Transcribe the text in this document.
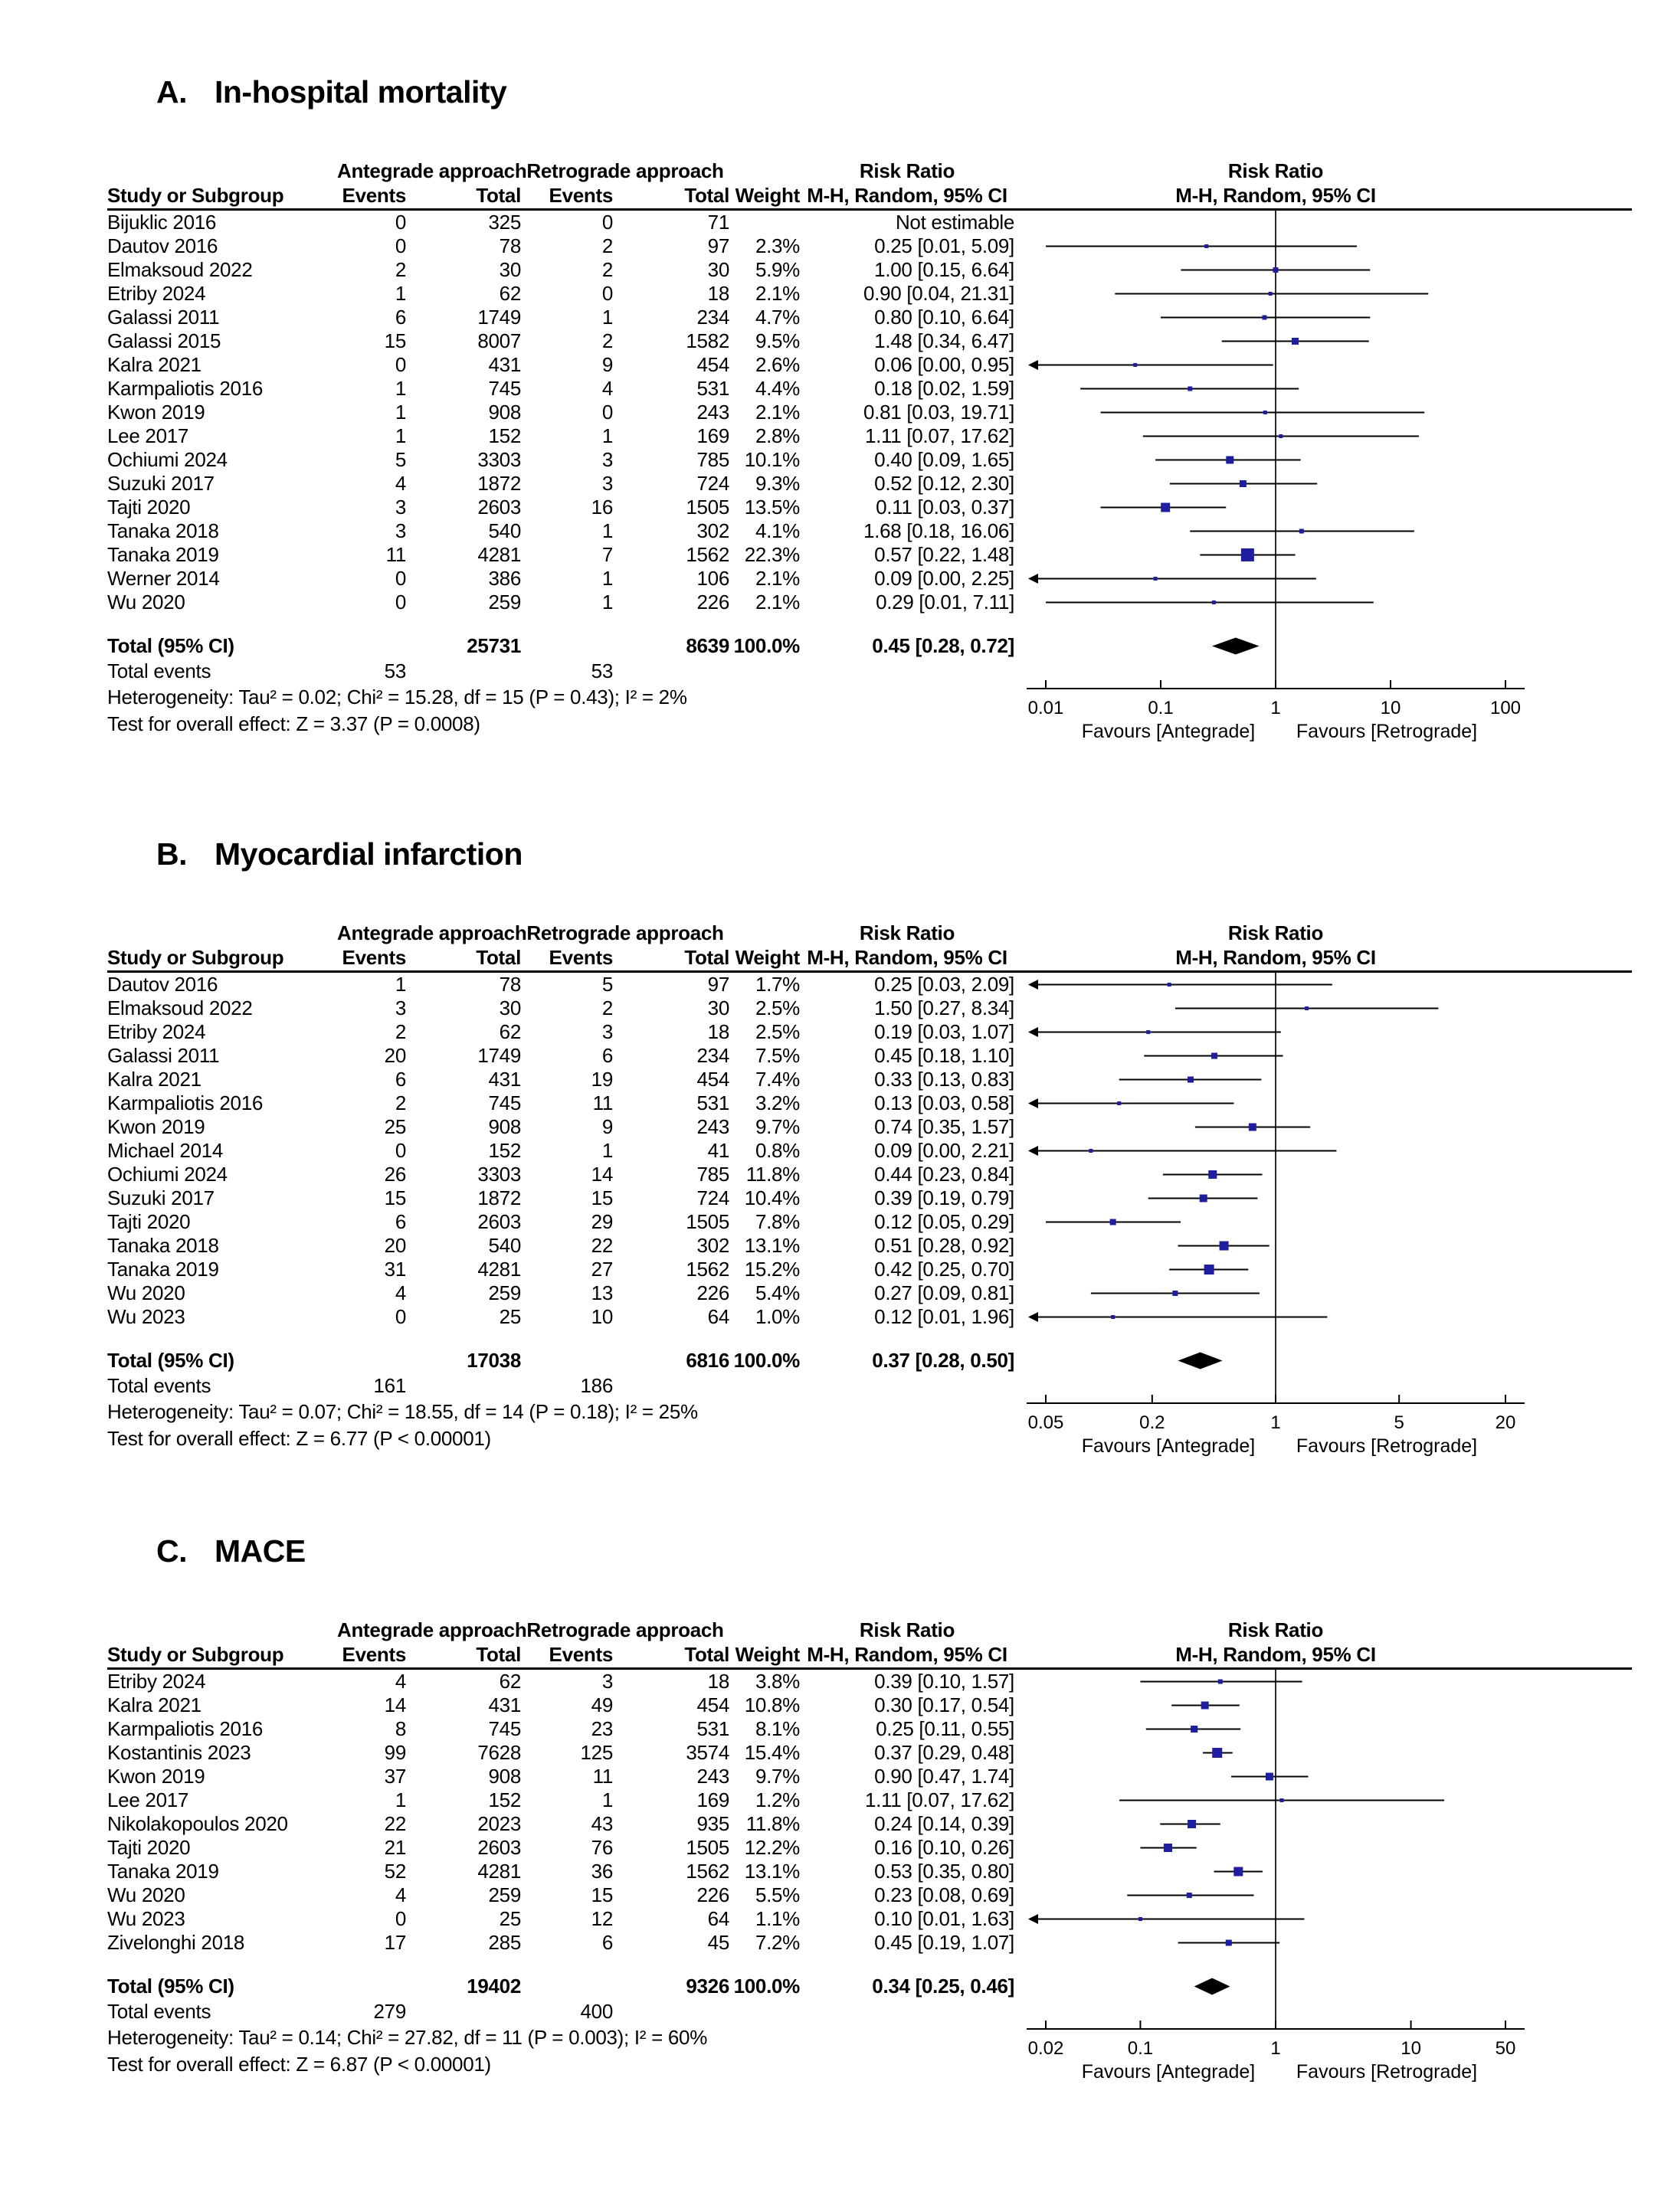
A. In-hospital mortality
Antegrade approach Retrograde approach	Risk Ratio	Risk Ratio
Study or Subgroup	Events	Total	Events	Total Weight M-H, Random, 95% CI	M-H, Random, 95% CI
Bijuklic 2016	0	325	0	71	Not estimable
Dautov 2016	0	78	2	97	2.3%	0.25 [0.01, 5.09]
Elmaksoud 2022	2	30	2	30	5.9%	1.00 [0.15, 6.64]
Etriby 2024	1	62	0	18	2.1%	0.90 [0.04, 21.31]
Galassi 2011	6	1749	1	234	4.7%	0.80 [0.10, 6.64]
Galassi 2015	15	8007	2	1582	9.5%	1.48 [0.34, 6.47]
Kalra 2021	0	431	9	454	2.6%	0.06 [0.00, 0.95]
Karmpaliotis 2016	1	745	4	531	4.4%	0.18 [0.02, 1.59]
Kwon 2019	1	908	0	243	2.1%	0.81 [0.03, 19.71]
Lee 2017	1	152	1	169	2.8%	1.11 [0.07, 17.62]
Ochiumi 2024	5	3303	3	785 10.1%	0.40 [0.09, 1.65]
Suzuki 2017	4	1872	3	724	9.3%	0.52 [0.12, 2.30]
Tajti 2020	3	2603	16	1505 13.5%	0.11 [0.03, 0.37]
Tanaka 2018	3	540	1	302	4.1%	1.68 [0.18, 16.06]
Tanaka 2019	11	4281	7	1562 22.3%	0.57 [0.22, 1.48]
Werner 2014	0	386	1	106	2.1%	0.09 [0.00, 2.25]
Wu 2020	0	259	1	226	2.1%	0.29 [0.01, 7.11]
Total (95% CI)	25731	8639 100.0%	0.45 [0.28, 0.72]
Total events	53	53
Heterogeneity: Tau² = 0.02; Chi² = 15.28, df = 15 (P = 0.43); I² = 2%
Test for overall effect: Z = 3.37 (P = 0.0008)
0.01	0.1	1	10	100
Favours [Antegrade] Favours [Retrograde]
B. Myocardial infarction
Antegrade approach Retrograde approach	Risk Ratio	Risk Ratio
Study or Subgroup	Events	Total	Events	Total Weight M-H, Random, 95% CI	M-H, Random, 95% CI
Dautov 2016	1	78	5	97	1.7%	0.25 [0.03, 2.09]
Elmaksoud 2022	3	30	2	30	2.5%	1.50 [0.27, 8.34]
Etriby 2024	2	62	3	18	2.5%	0.19 [0.03, 1.07]
Galassi 2011	20	1749	6	234	7.5%	0.45 [0.18, 1.10]
Kalra 2021	6	431	19	454	7.4%	0.33 [0.13, 0.83]
Karmpaliotis 2016	2	745	11	531	3.2%	0.13 [0.03, 0.58]
Kwon 2019	25	908	9	243	9.7%	0.74 [0.35, 1.57]
Michael 2014	0	152	1	41	0.8%	0.09 [0.00, 2.21]
Ochiumi 2024	26	3303	14	785 11.8%	0.44 [0.23, 0.84]
Suzuki 2017	15	1872	15	724 10.4%	0.39 [0.19, 0.79]
Tajti 2020	6	2603	29	1505	7.8%	0.12 [0.05, 0.29]
Tanaka 2018	20	540	22	302 13.1%	0.51 [0.28, 0.92]
Tanaka 2019	31	4281	27	1562 15.2%	0.42 [0.25, 0.70]
Wu 2020	4	259	13	226	5.4%	0.27 [0.09, 0.81]
Wu 2023	0	25	10	64	1.0%	0.12 [0.01, 1.96]
Total (95% CI)	17038	6816 100.0%	0.37 [0.28, 0.50]
Total events	161	186
Heterogeneity: Tau² = 0.07; Chi² = 18.55, df = 14 (P = 0.18); I² = 25%
Test for overall effect: Z = 6.77 (P < 0.00001)
0.05	0.2	1	5	20
Favours [Antegrade] Favours [Retrograde]
C. MACE
Antegrade approach Retrograde approach	Risk Ratio	Risk Ratio
Study or Subgroup	Events	Total	Events	Total Weight M-H, Random, 95% CI	M-H, Random, 95% CI
Etriby 2024	4	62	3	18	3.8%	0.39 [0.10, 1.57]
Kalra 2021	14	431	49	454 10.8%	0.30 [0.17, 0.54]
Karmpaliotis 2016	8	745	23	531	8.1%	0.25 [0.11, 0.55]
Kostantinis 2023	99	7628	125	3574 15.4%	0.37 [0.29, 0.48]
Kwon 2019	37	908	11	243	9.7%	0.90 [0.47, 1.74]
Lee 2017	1	152	1	169	1.2%	1.11 [0.07, 17.62]
Nikolakopoulos 2020	22	2023	43	935 11.8%	0.24 [0.14, 0.39]
Tajti 2020	21	2603	76	1505 12.2%	0.16 [0.10, 0.26]
Tanaka 2019	52	4281	36	1562 13.1%	0.53 [0.35, 0.80]
Wu 2020	4	259	15	226	5.5%	0.23 [0.08, 0.69]
Wu 2023	0	25	12	64	1.1%	0.10 [0.01, 1.63]
Zivelonghi 2018	17	285	6	45	7.2%	0.45 [0.19, 1.07]
Total (95% CI)	19402	9326 100.0%	0.34 [0.25, 0.46]
Total events	279	400
Heterogeneity: Tau² = 0.14; Chi² = 27.82, df = 11 (P = 0.003); I² = 60%
Test for overall effect: Z = 6.87 (P < 0.00001)
0.02	0.1	1	10	50
Favours [Antegrade] Favours [Retrograde]
